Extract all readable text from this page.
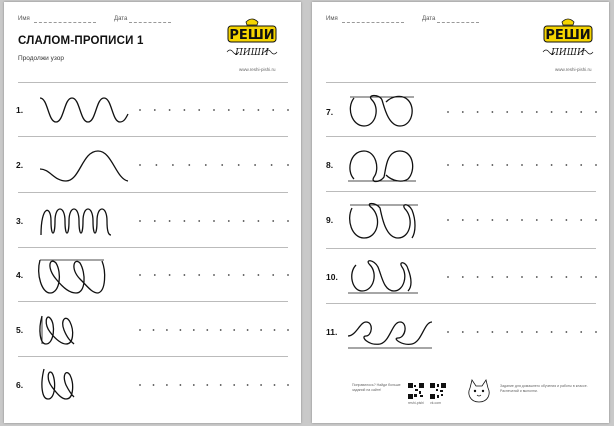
Имя	Дата
СЛАЛОМ-ПРОПИСИ 1
Продолжи узор
РЕШИ
ПИШИ
www.reshi-pishi.ru
1.
2.
3.
4.
5.
6.
Имя	Дата
РЕШИ
ПИШИ
www.reshi-pishi.ru
7.
8.
9.
10.
11.
Понравилось? Найди больше заданий на сайте!
reshi-pishi vk.com
Задание для домашнего обучения и работы в классе. Распечатай и выполни.
